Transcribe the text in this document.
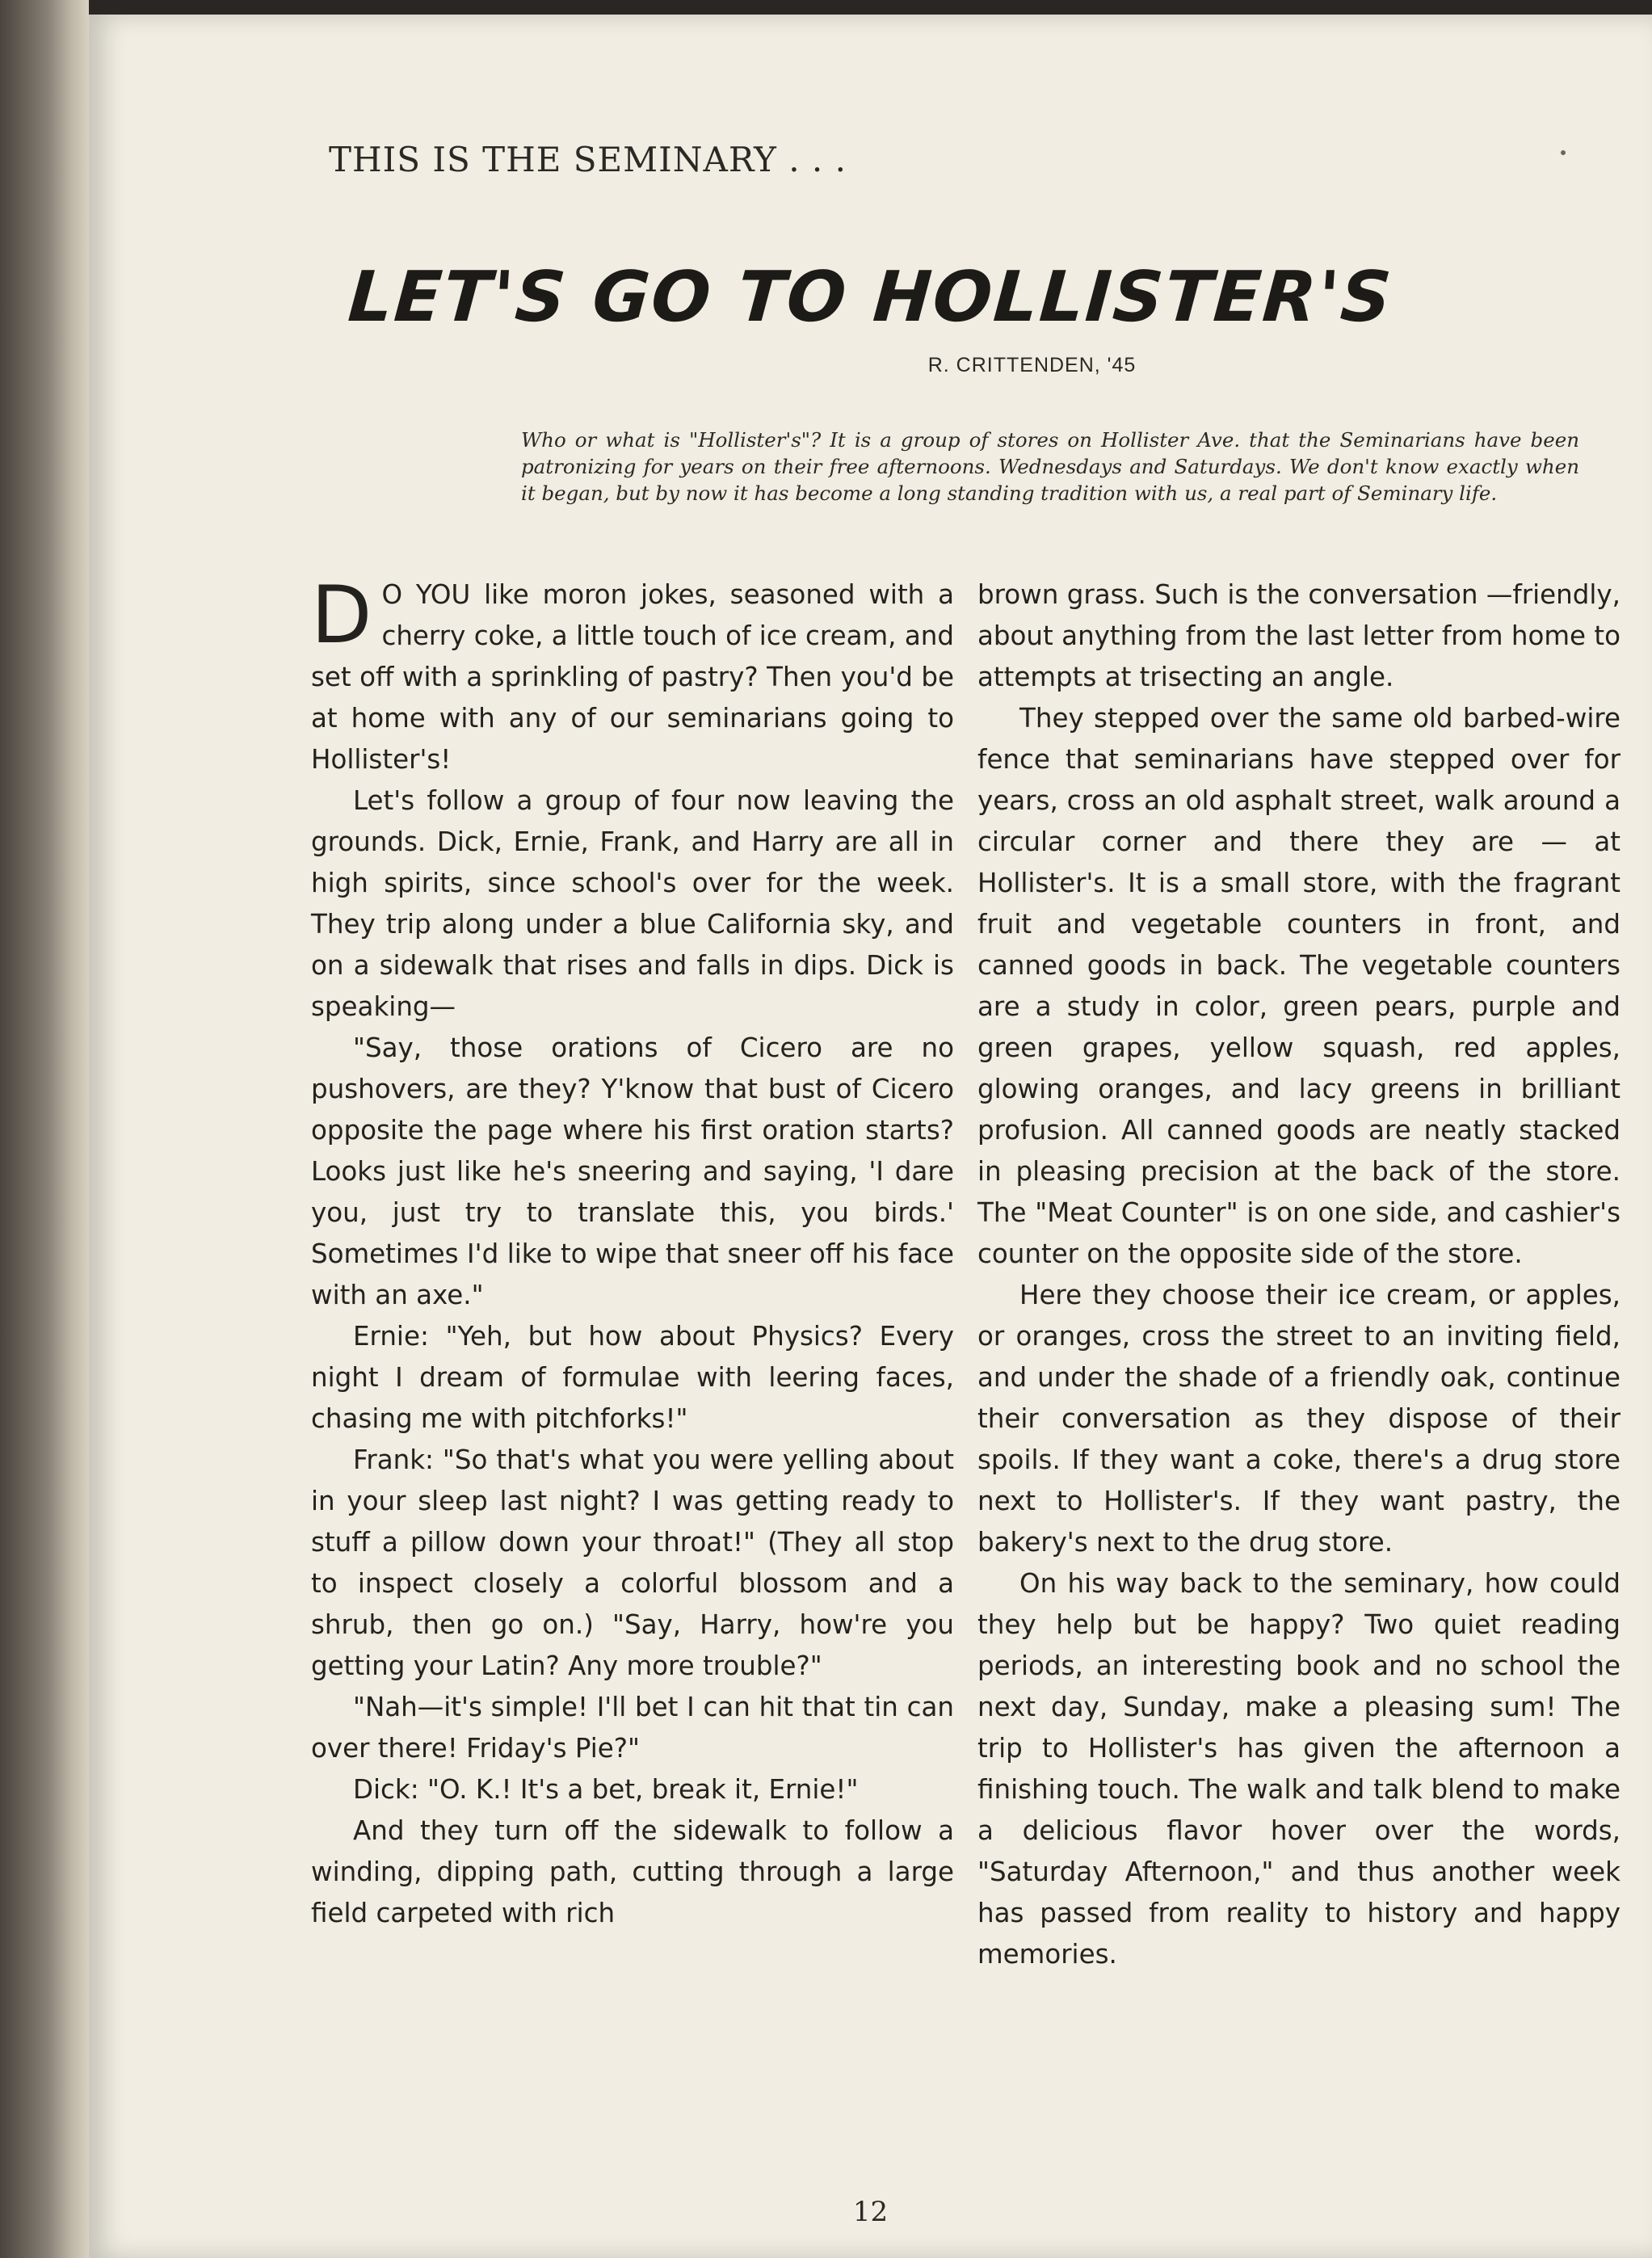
THIS IS THE SEMINARY . . .
LET'S GO TO HOLLISTER'S
R. CRITTENDEN, '45
Who or what is "Hollister's"? It is a group of stores on Hollister Ave. that the Seminarians have been patronizing for years on their free afternoons. Wednesdays and Saturdays. We don't know exactly when it began, but by now it has become a long standing tradition with us, a real part of Seminary life.

D O YOU like moron jokes, seasoned with a cherry coke, a little touch of ice cream, and set off with a sprinkling of pastry? Then you'd be at home with any of our seminarians going to Hollister's!

Let's follow a group of four now leaving the grounds. Dick, Ernie, Frank, and Harry are all in high spirits, since school's over for the week. They trip along under a blue California sky, and on a sidewalk that rises and falls in dips. Dick is speaking—

"Say, those orations of Cicero are no pushovers, are they? Y'know that bust of Cicero opposite the page where his first oration starts? Looks just like he's sneering and saying, 'I dare you, just try to translate this, you birds.' Sometimes I'd like to wipe that sneer off his face with an axe."

Ernie: "Yeh, but how about Physics? Every night I dream of formulae with leering faces, chasing me with pitchforks!"

Frank: "So that's what you were yelling about in your sleep last night? I was getting ready to stuff a pillow down your throat!" (They all stop to inspect closely a colorful blossom and a shrub, then go on.) "Say, Harry, how're you getting your Latin? Any more trouble?"

"Nah—it's simple! I'll bet I can hit that tin can over there! Friday's Pie?"

Dick: "O. K.! It's a bet, break it, Ernie!"

And they turn off the sidewalk to follow a winding, dipping path, cutting through a large field carpeted with rich

brown grass. Such is the conversation —friendly, about anything from the last letter from home to attempts at trisecting an angle.

They stepped over the same old barbed-wire fence that seminarians have stepped over for years, cross an old asphalt street, walk around a circular corner and there they are — at Hollister's. It is a small store, with the fragrant fruit and vegetable counters in front, and canned goods in back. The vegetable counters are a study in color, green pears, purple and green grapes, yellow squash, red apples, glowing oranges, and lacy greens in brilliant profusion. All canned goods are neatly stacked in pleasing precision at the back of the store. The "Meat Counter" is on one side, and cashier's counter on the opposite side of the store.

Here they choose their ice cream, or apples, or oranges, cross the street to an inviting field, and under the shade of a friendly oak, continue their conversation as they dispose of their spoils. If they want a coke, there's a drug store next to Hollister's. If they want pastry, the bakery's next to the drug store.

On his way back to the seminary, how could they help but be happy? Two quiet reading periods, an interesting book and no school the next day, Sunday, make a pleasing sum! The trip to Hollister's has given the afternoon a finishing touch. The walk and talk blend to make a delicious flavor hover over the words, "Saturday Afternoon," and thus another week has passed from reality to history and happy memories.

12
